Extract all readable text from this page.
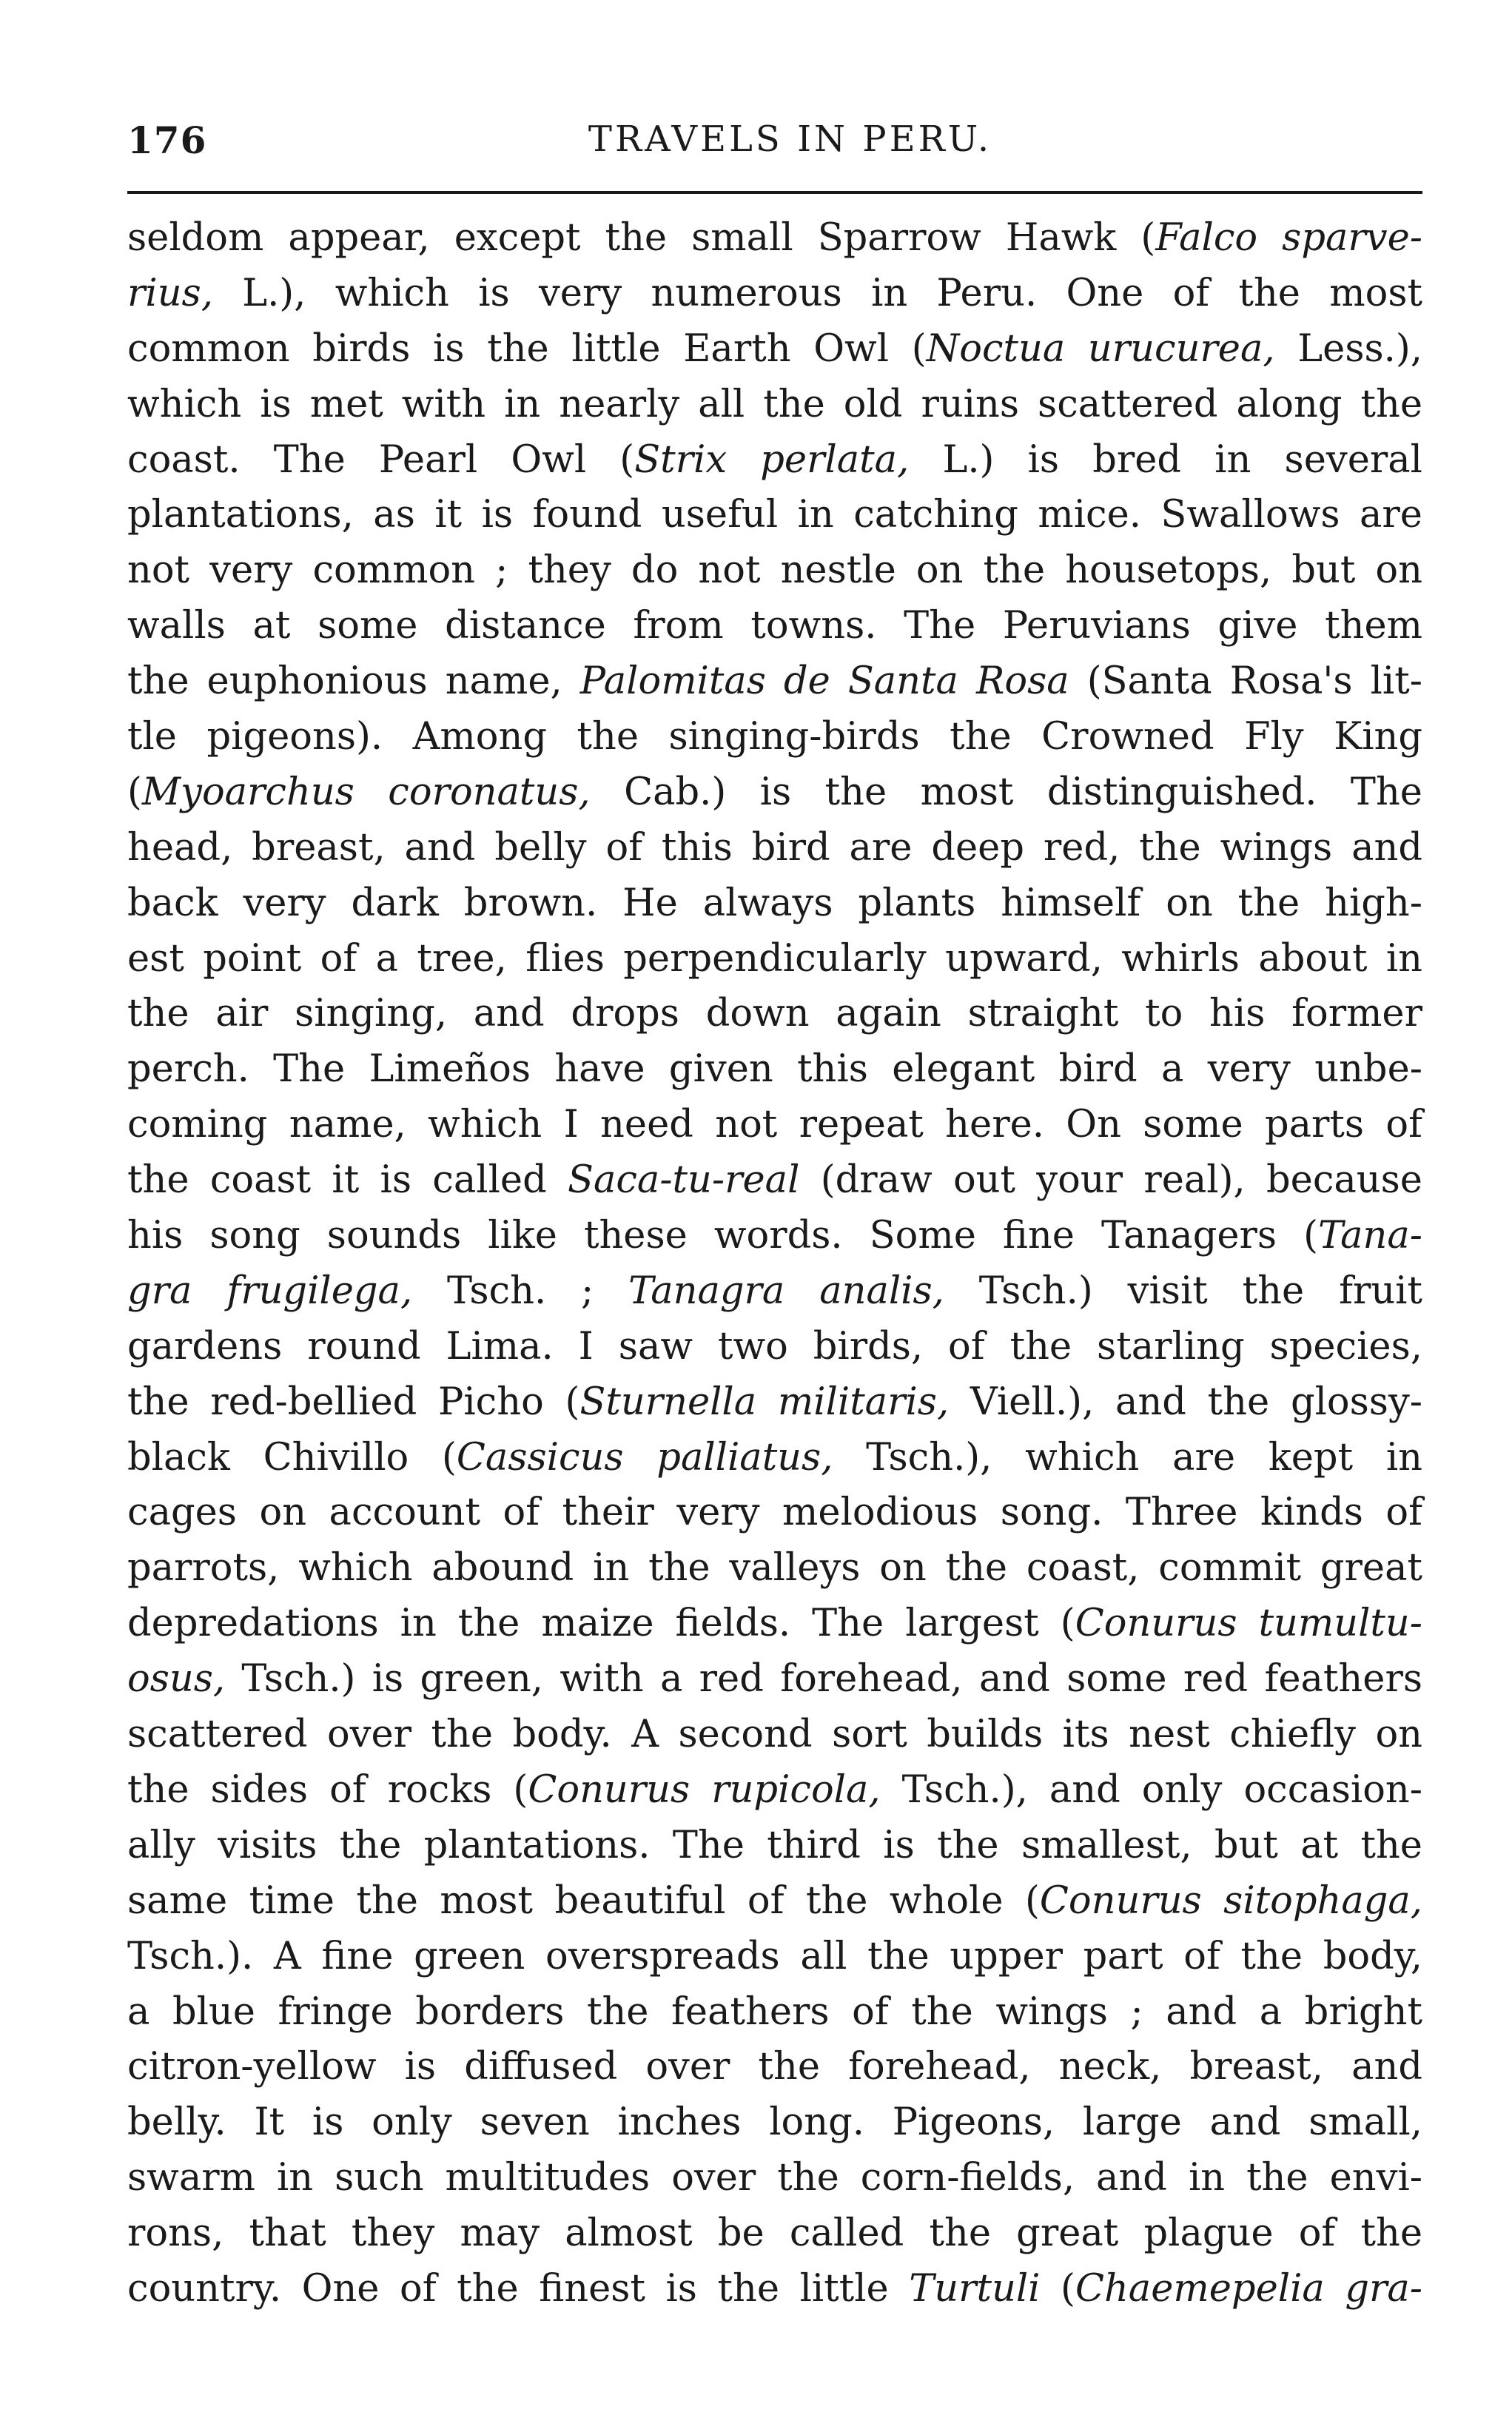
176	TRAVELS IN PERU.
seldom appear, except the small Sparrow Hawk (Falco sparve-
rius, L.), which is very numerous in Peru. One of the most
common birds is the little Earth Owl (Noctua urucurea, Less.),
which is met with in nearly all the old ruins scattered along the
coast. The Pearl Owl (Strix perlata, L.) is bred in several
plantations, as it is found useful in catching mice. Swallows are
not very common ; they do not nestle on the housetops, but on
walls at some distance from towns. The Peruvians give them
the euphonious name, Palomitas de Santa Rosa (Santa Rosa's lit-
tle pigeons). Among the singing-birds the Crowned Fly King
(Myoarchus coronatus, Cab.) is the most distinguished. The
head, breast, and belly of this bird are deep red, the wings and
back very dark brown. He always plants himself on the high-
est point of a tree, flies perpendicularly upward, whirls about in
the air singing, and drops down again straight to his former
perch. The Limeños have given this elegant bird a very unbe-
coming name, which I need not repeat here. On some parts of
the coast it is called Saca-tu-real (draw out your real), because
his song sounds like these words. Some fine Tanagers (Tana-
gra frugilega, Tsch. ; Tanagra analis, Tsch.) visit the fruit
gardens round Lima. I saw two birds, of the starling species,
the red-bellied Picho (Sturnella militaris, Viell.), and the glossy-
black Chivillo (Cassicus palliatus, Tsch.), which are kept in
cages on account of their very melodious song. Three kinds of
parrots, which abound in the valleys on the coast, commit great
depredations in the maize fields. The largest (Conurus tumultu-
osus, Tsch.) is green, with a red forehead, and some red feathers
scattered over the body. A second sort builds its nest chiefly on
the sides of rocks (Conurus rupicola, Tsch.), and only occasion-
ally visits the plantations. The third is the smallest, but at the
same time the most beautiful of the whole (Conurus sitophaga,
Tsch.). A fine green overspreads all the upper part of the body,
a blue fringe borders the feathers of the wings ; and a bright
citron-yellow is diffused over the forehead, neck, breast, and
belly. It is only seven inches long. Pigeons, large and small,
swarm in such multitudes over the corn-fields, and in the envi-
rons, that they may almost be called the great plague of the
country. One of the finest is the little Turtuli (Chaemepelia gra-
